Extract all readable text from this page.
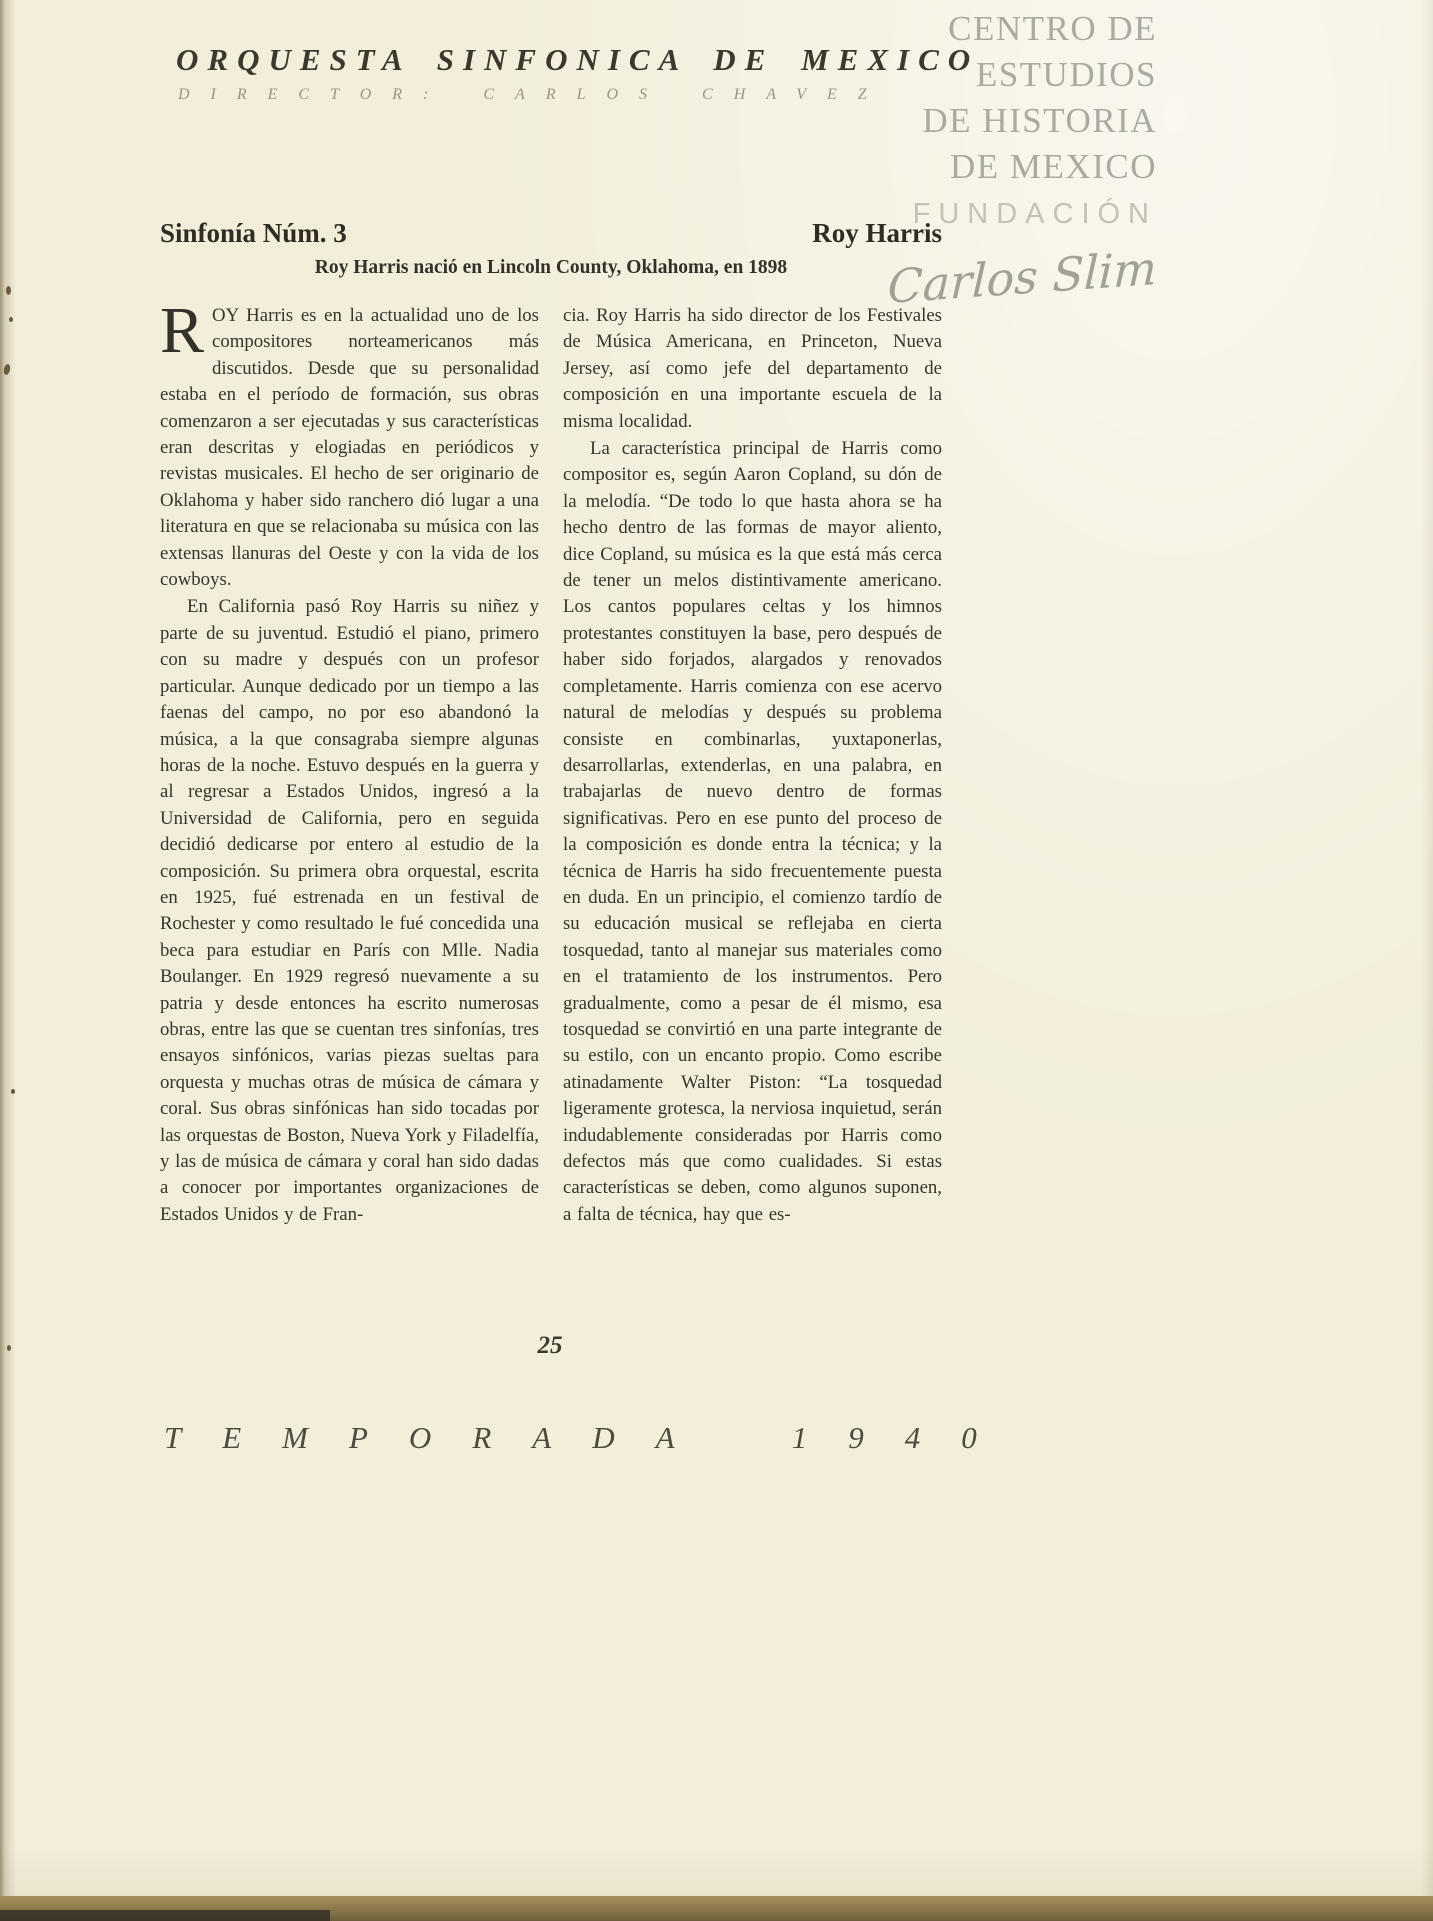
CENTRO DE
ESTUDIOS
DE HISTORIA
DE MEXICO
FUNDACIÓN
Carlos Slim
ORQUESTA SINFONICA DE MEXICO
DIRECTOR: CARLOS CHAVEZ
Sinfonía Núm. 3	Roy Harris
Roy Harris nació en Lincoln County, Oklahoma, en 1898

ROY Harris es en la actualidad uno de los compositores norteamericanos más discutidos. Desde que su personalidad estaba en el período de formación, sus obras comenzaron a ser ejecutadas y sus características eran descritas y elogiadas en periódicos y revistas musicales. El hecho de ser originario de Oklahoma y haber sido ranchero dió lugar a una literatura en que se relacionaba su música con las extensas llanuras del Oeste y con la vida de los cowboys.

En California pasó Roy Harris su niñez y parte de su juventud. Estudió el piano, primero con su madre y después con un profesor particular. Aunque dedicado por un tiempo a las faenas del campo, no por eso abandonó la música, a la que consagraba siempre algunas horas de la noche. Estuvo después en la guerra y al regresar a Estados Unidos, ingresó a la Universidad de California, pero en seguida decidió dedicarse por entero al estudio de la composición. Su primera obra orquestal, escrita en 1925, fué estrenada en un festival de Rochester y como resultado le fué concedida una beca para estudiar en París con Mlle. Nadia Boulanger. En 1929 regresó nuevamente a su patria y desde entonces ha escrito numerosas obras, entre las que se cuentan tres sinfonías, tres ensayos sinfónicos, varias piezas sueltas para orquesta y muchas otras de música de cámara y coral. Sus obras sinfónicas han sido tocadas por las orquestas de Boston, Nueva York y Filadelfía, y las de música de cámara y coral han sido dadas a conocer por importantes organizaciones de Estados Unidos y de Fran-

cia. Roy Harris ha sido director de los Festivales de Música Americana, en Princeton, Nueva Jersey, así como jefe del departamento de composición en una importante escuela de la misma localidad.

La característica principal de Harris como compositor es, según Aaron Copland, su dón de la melodía. “De todo lo que hasta ahora se ha hecho dentro de las formas de mayor aliento, dice Copland, su música es la que está más cerca de tener un melos distintivamente americano. Los cantos populares celtas y los himnos protestantes constituyen la base, pero después de haber sido forjados, alargados y renovados completamente. Harris comienza con ese acervo natural de melodías y después su problema consiste en combinarlas, yuxtaponerlas, desarrollarlas, extenderlas, en una palabra, en trabajarlas de nuevo dentro de formas significativas. Pero en ese punto del proceso de la composición es donde entra la técnica; y la técnica de Harris ha sido frecuentemente puesta en duda. En un principio, el comienzo tardío de su educación musical se reflejaba en cierta tosquedad, tanto al manejar sus materiales como en el tratamiento de los instrumentos. Pero gradualmente, como a pesar de él mismo, esa tosquedad se convirtió en una parte integrante de su estilo, con un encanto propio. Como escribe atinadamente Walter Piston: “La tosquedad ligeramente grotesca, la nerviosa inquietud, serán indudablemente consideradas por Harris como defectos más que como cualidades. Si estas características se deben, como algunos suponen, a falta de técnica, hay que es-

25
TEMPORADA 1940
